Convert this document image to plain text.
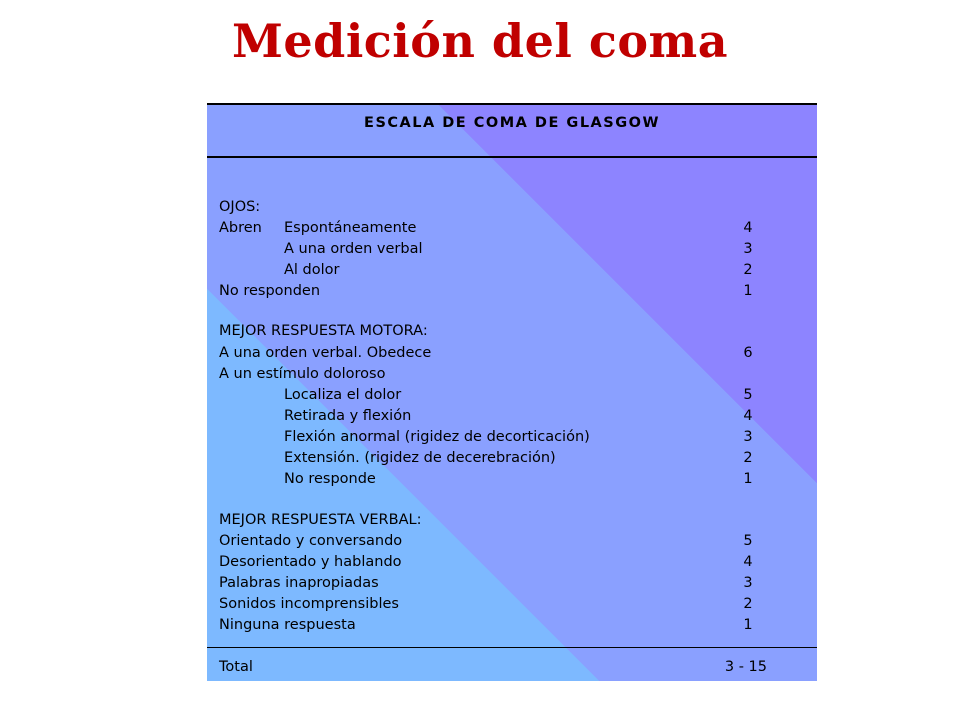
Medición del coma
ESCALA DE COMA DE GLASGOW
OJOS:
Abren Espontáneamente	4
A una orden verbal	3
Al dolor	2
No responden	1
MEJOR RESPUESTA MOTORA:
A una orden verbal. Obedece	6
A un estímulo doloroso
Localiza el dolor	5
Retirada y flexión	4
Flexión anormal (rigidez de decorticación)	3
Extensión. (rigidez de decerebración)	2
No responde	1
MEJOR RESPUESTA VERBAL:
Orientado y conversando	5
Desorientado y hablando	4
Palabras inapropiadas	3
Sonidos incomprensibles	2
Ninguna respuesta	1
Total	3 - 15
